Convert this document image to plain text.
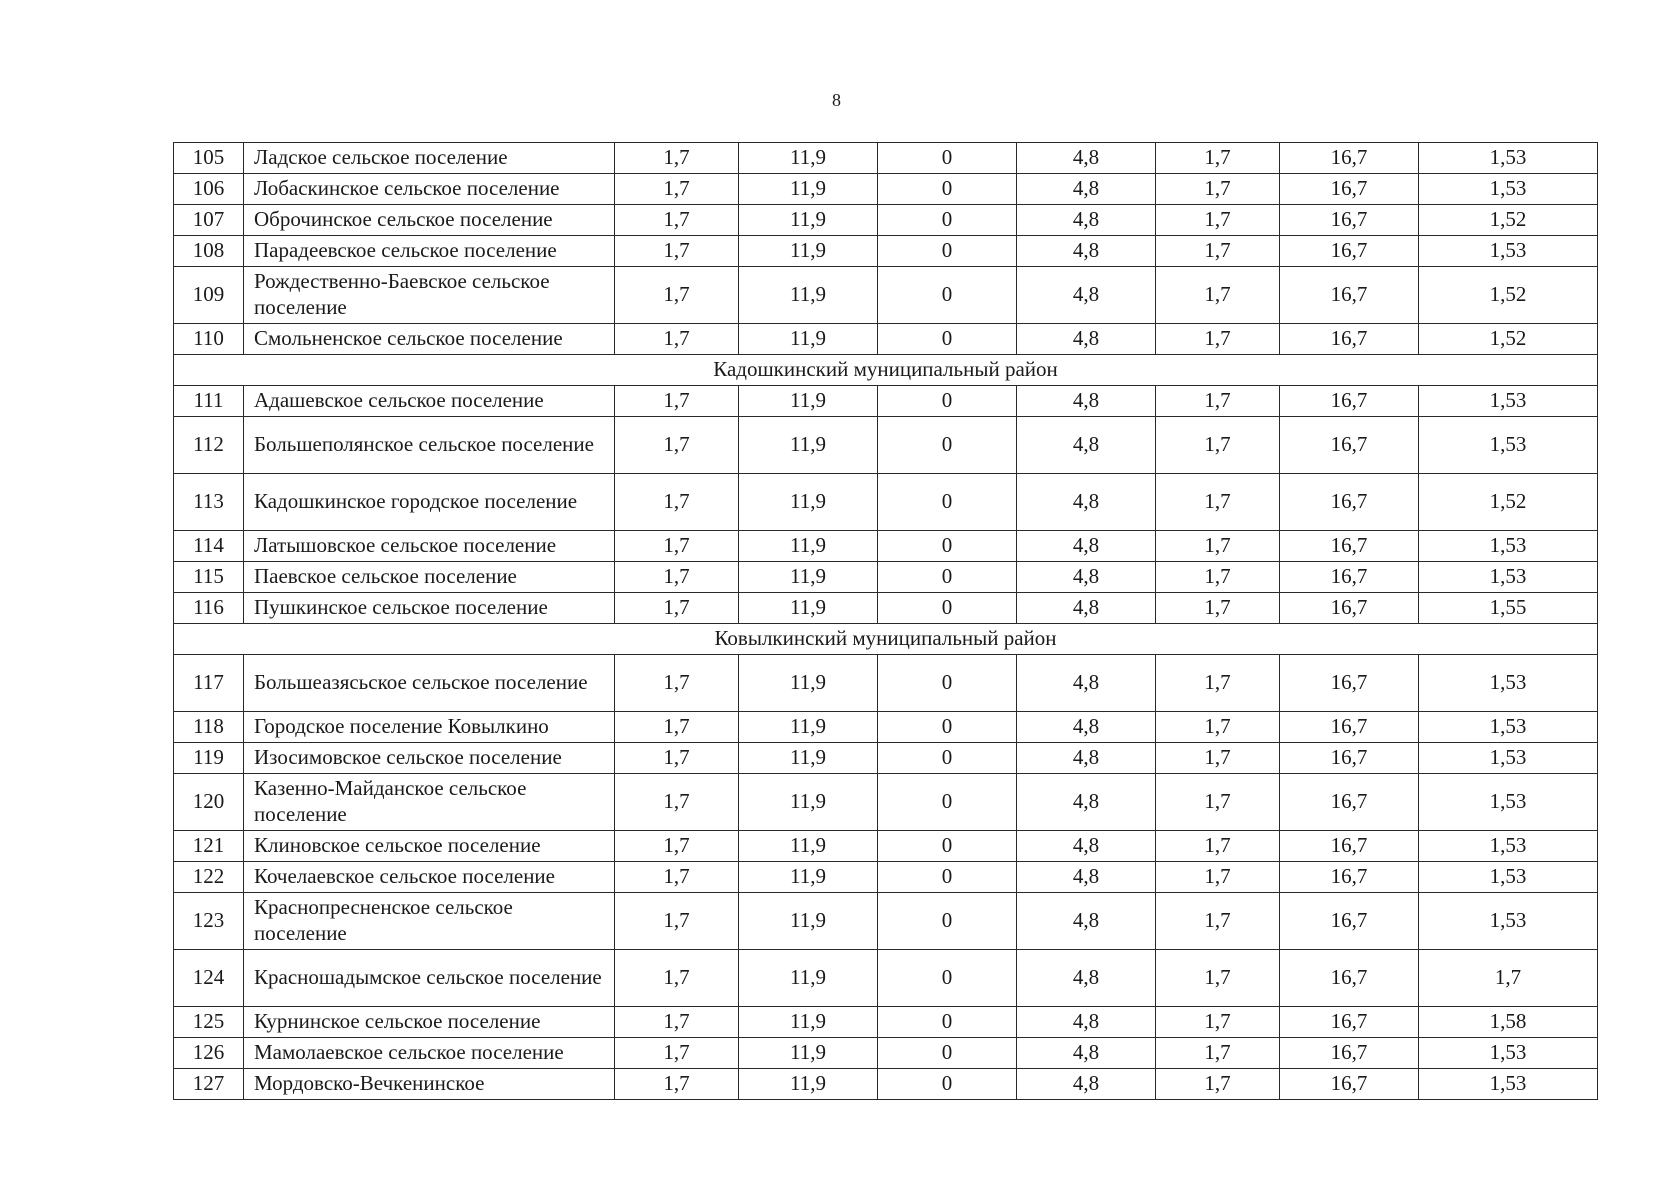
8
105	Ладское сельское поселение	1,7	11,9	0	4,8	1,7	16,7	1,53
106	Лобаскинское сельское поселение	1,7	11,9	0	4,8	1,7	16,7	1,53
107	Оброчинское сельское поселение	1,7	11,9	0	4,8	1,7	16,7	1,52
108	Парадеевское сельское поселение	1,7	11,9	0	4,8	1,7	16,7	1,53
109	Рождественно-Баевское сельское поселение	1,7	11,9	0	4,8	1,7	16,7	1,52
110	Смольненское сельское поселение	1,7	11,9	0	4,8	1,7	16,7	1,52
Кадошкинский муниципальный район								
111	Адашевское сельское поселение	1,7	11,9	0	4,8	1,7	16,7	1,53
112	Большеполянское сельское поселение	1,7	11,9	0	4,8	1,7	16,7	1,53
113	Кадошкинское городское поселение	1,7	11,9	0	4,8	1,7	16,7	1,52
114	Латышовское сельское поселение	1,7	11,9	0	4,8	1,7	16,7	1,53
115	Паевское сельское поселение	1,7	11,9	0	4,8	1,7	16,7	1,53
116	Пушкинское сельское поселение	1,7	11,9	0	4,8	1,7	16,7	1,55
Ковылкинский муниципальный район								
117	Большеазясьское сельское поселение	1,7	11,9	0	4,8	1,7	16,7	1,53
118	Городское поселение Ковылкино	1,7	11,9	0	4,8	1,7	16,7	1,53
119	Изосимовское сельское поселение	1,7	11,9	0	4,8	1,7	16,7	1,53
120	Казенно-Майданское сельское поселение	1,7	11,9	0	4,8	1,7	16,7	1,53
121	Клиновское сельское поселение	1,7	11,9	0	4,8	1,7	16,7	1,53
122	Кочелаевское сельское поселение	1,7	11,9	0	4,8	1,7	16,7	1,53
123	Краснопресненское сельское поселение	1,7	11,9	0	4,8	1,7	16,7	1,53
124	Красношадымское сельское поселение	1,7	11,9	0	4,8	1,7	16,7	1,7
125	Курнинское сельское поселение	1,7	11,9	0	4,8	1,7	16,7	1,58
126	Мамолаевское сельское поселение	1,7	11,9	0	4,8	1,7	16,7	1,53
127	Мордовско-Вечкенинское	1,7	11,9	0	4,8	1,7	16,7	1,53
